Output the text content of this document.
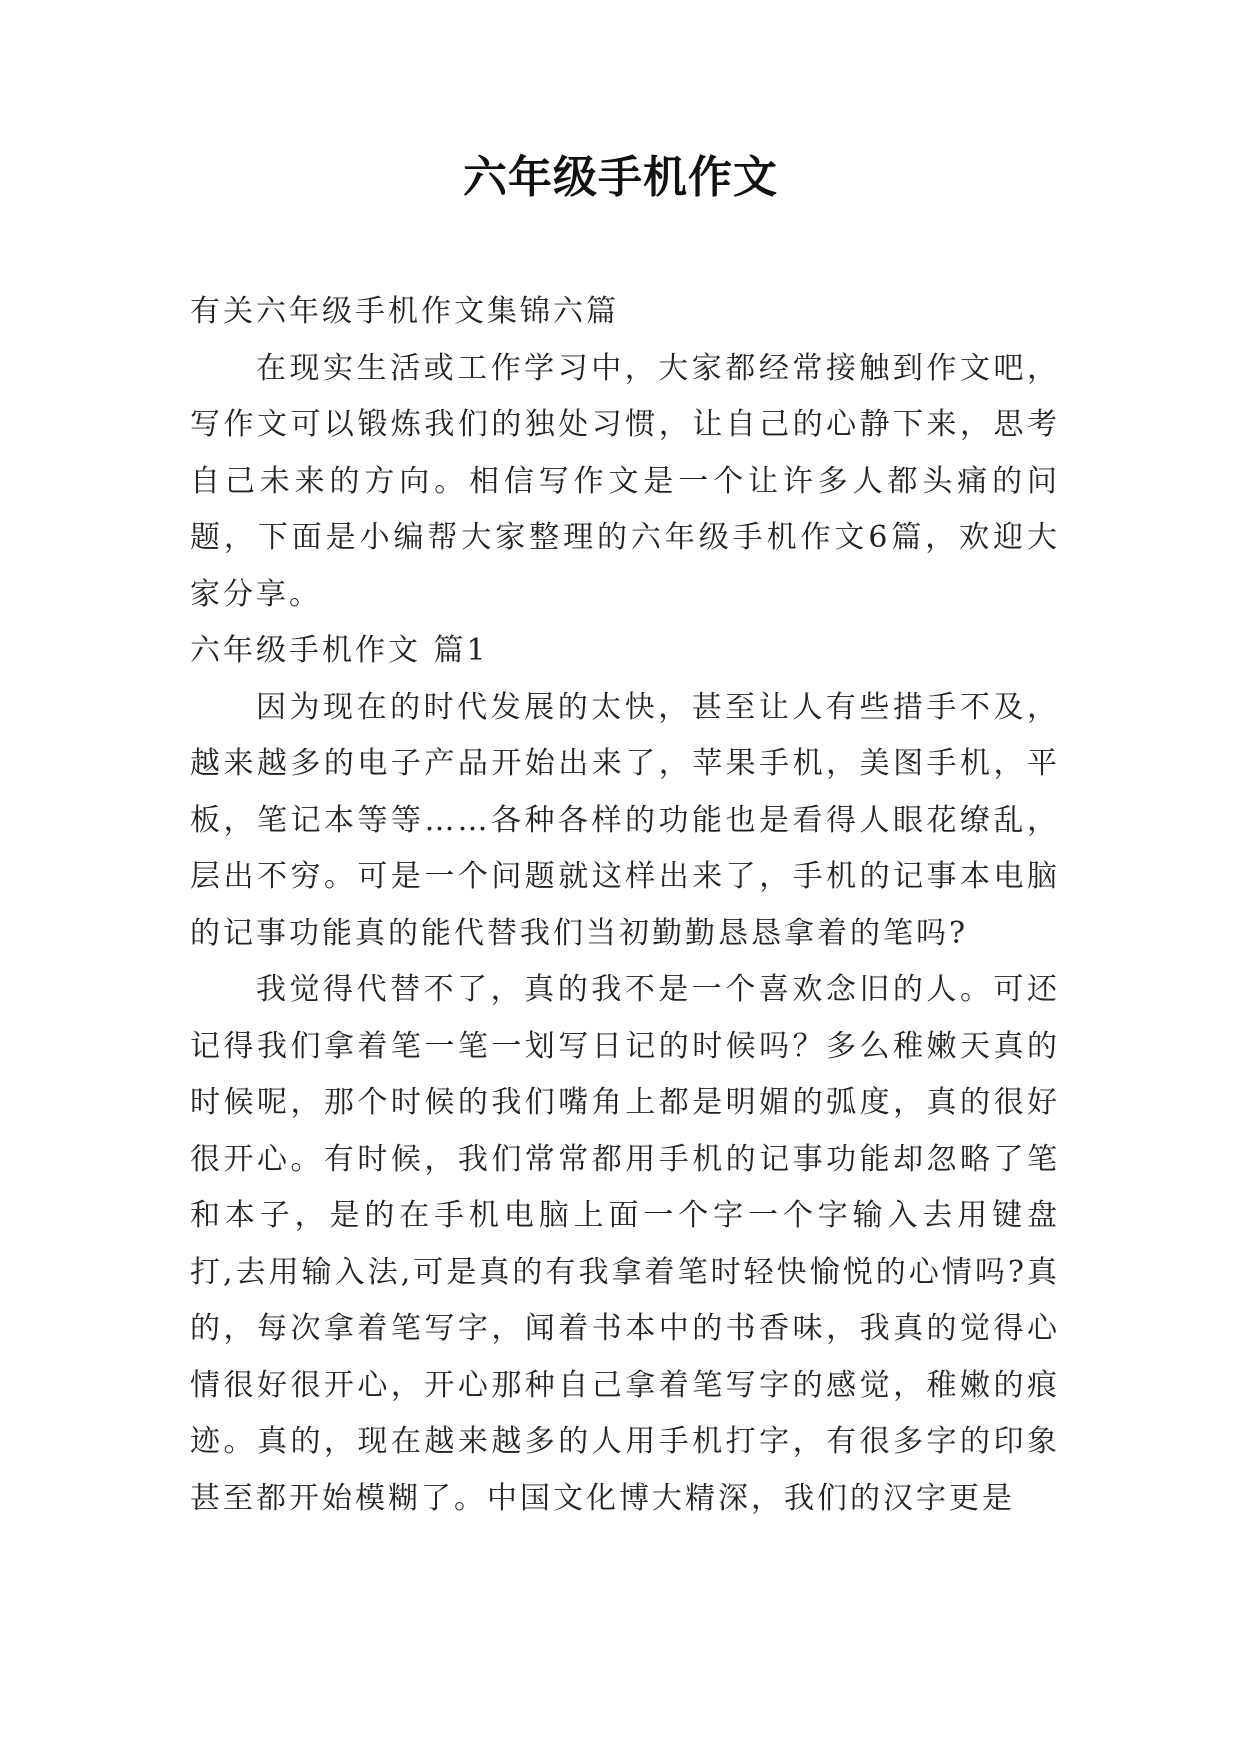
六年级手机作文

有关六年级手机作文集锦六篇

在现实生活或工作学习中，大家都经常接触到作文吧，写作文可以锻炼我们的独处习惯，让自己的心静下来，思考自己未来的方向。相信写作文是一个让许多人都头痛的问题，下面是小编帮大家整理的六年级手机作文6篇，欢迎大家分享。

六年级手机作文 篇1

因为现在的时代发展的太快，甚至让人有些措手不及，越来越多的电子产品开始出来了，苹果手机，美图手机，平板，笔记本等等……各种各样的功能也是看得人眼花缭乱，层出不穷。可是一个问题就这样出来了，手机的记事本电脑的记事功能真的能代替我们当初勤勤恳恳拿着的笔吗?

我觉得代替不了，真的我不是一个喜欢念旧的人。可还记得我们拿着笔一笔一划写日记的时候吗？多么稚嫩天真的时候呢，那个时候的我们嘴角上都是明媚的弧度，真的很好很开心。有时候，我们常常都用手机的记事功能却忽略了笔和本子，是的在手机电脑上面一个字一个字输入去用键盘打,去用输入法,可是真的有我拿着笔时轻快愉悦的心情吗?真的，每次拿着笔写字，闻着书本中的书香味，我真的觉得心情很好很开心，开心那种自己拿着笔写字的感觉，稚嫩的痕迹。真的，现在越来越多的人用手机打字，有很多字的印象甚至都开始模糊了。中国文化博大精深，我们的汉字更是
